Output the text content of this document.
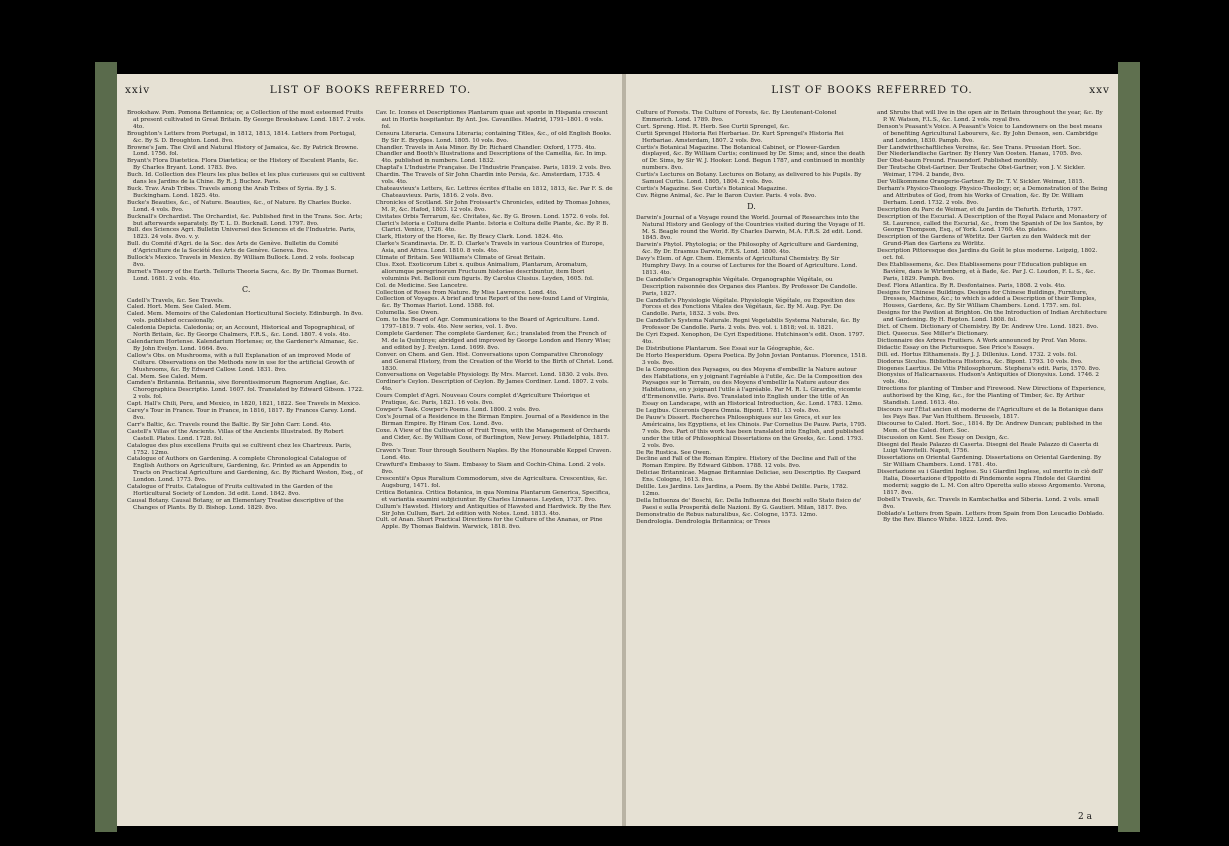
xxiv	LIST OF BOOKS REFERRED TO.

Brookshaw. Pom. Pomona Britannica; or, a Collection of the most esteemed Fruits at present cultivated in Great Britain. By George Brookshaw. Lond. 1817. 2 vols. 4to.

Broughton's Letters from Portugal, in 1812, 1813, 1814. Letters from Portugal, &c. By S. D. Broughton. Lond. 8vo.

Browne's Jam. The Civil and Natural History of Jamaica, &c. By Patrick Browne. Lond. 1756. fol.

Bryant's Flora Diætetica. Flora Diætetica; or the History of Esculent Plants, &c. By Charles Bryant. Lond. 1783. 8vo.

Buch. Id. Collection des Fleurs les plus belles et les plus curieuses qui se cultivent dans les Jardins de la Chine. By R. J. Buchoz. Paris.

Buck. Trav. Arab Tribes. Travels among the Arab Tribes of Syria. By J. S. Buckingham. Lond. 1825. 4to.

Bucke's Beauties, &c., of Nature. Beauties, &c., of Nature. By Charles Bucke. Lond. 4 vols. 8vo.

Bucknall's Orchardist. The Orchardist, &c. Published first in the Trans. Soc. Arts; but afterwards separately. By T. L. D. Bucknall. Lond. 1797. 8vo.

Bull. des Sciences Agri. Bulletin Universel des Sciences et de l'Industrie. Paris, 1823. 24 vols. 8vo. v. y.

Bull. du Comité d'Agri. de la Soc. des Arts de Genève. Bulletin du Comité d'Agriculture de la Société des Arts de Genève. Geneva. 8vo.

Bullock's Mexico. Travels in Mexico. By William Bullock. Lond. 2 vols. foolscap 8vo.

Burnet's Theory of the Earth. Telluris Theoria Sacra, &c. By Dr. Thomas Burnet. Lond. 1681. 2 vols. 4to.

C.

Cadell's Travels, &c. See Travels.

Caled. Hort. Mem. See Caled. Mem.

Caled. Mem. Memoirs of the Caledonian Horticultural Society. Edinburgh. In 8vo. vols. published occasionally.

Caledonia Depicta. Caledonia; or, an Account, Historical and Topographical, of North Britain, &c. By George Chalmers, F.R.S., &c. Lond. 1807. 4 vols. 4to.

Calendarium Hortense. Kalendarium Hortense; or, the Gardener's Almanac, &c. By John Evelyn. Lond. 1664. 8vo.

Callow's Obs. on Mushrooms, with a full Explanation of an improved Mode of Culture. Observations on the Methods now in use for the artificial Growth of Mushrooms, &c. By Edward Callow. Lond. 1831. 8vo.

Cal. Mem. See Caled. Mem.

Camden's Britannia. Britannia, sive florentissimorum Regnorum Angliae, &c. Chorographica Descriptio. Lond. 1607. fol. Translated by Edward Gibson. 1722. 2 vols. fol.

Capt. Hall's Chili, Peru, and Mexico, in 1820, 1821, 1822. See Travels in Mexico.

Carey's Tour in France. Tour in France, in 1816, 1817. By Frances Carey. Lond. 8vo.

Carr's Baltic, &c. Travels round the Baltic. By Sir John Carr. Lond. 4to.

Castell's Villas of the Ancients. Villas of the Ancients Illustrated. By Robert Castell. Plates. Lond. 1728. fol.

Catalogue des plus excellens Fruits qui se cultivent chez les Chartreux. Paris, 1752. 12mo.

Catalogue of Authors on Gardening. A complete Chronological Catalogue of English Authors on Agriculture, Gardening, &c. Printed as an Appendix to Tracts on Practical Agriculture and Gardening, &c. By Richard Weston, Esq., of London. Lond. 1773. 8vo.

Catalogue of Fruits. Catalogue of Fruits cultivated in the Garden of the Horticultural Society of London. 3d edit. Lond. 1842. 8vo.

Causal Botany. Causal Botany, or an Elementary Treatise descriptive of the Changes of Plants. By D. Bishop. Lond. 1829. 8vo.

Cav. Ic. Icones et Descriptiones Plantarum quae aut sponte in Hispania crescunt aut in Hortis hospitantur. By Ant. Jos. Cavanilles. Madrid, 1791–1801. 6 vols. fol.

Censura Literaria. Censura Literaria; containing Titles, &c., of old English Books. By Sir E. Brydges. Lond. 1805. 10 vols. 8vo.

Chandler. Travels in Asia Minor. By Dr. Richard Chandler. Oxford, 1775. 4to.

Chandler and Booth's Illustrations and Descriptions of the Camellia, &c. In imp. 4to. published in numbers. Lond. 1832.

Chaptal's L'Industrie Française. De l'Industrie Française. Paris, 1819. 2 vols. 8vo.

Chardin. The Travels of Sir John Chardin into Persia, &c. Amsterdam, 1735. 4 vols. 4to.

Chateauvieux's Letters, &c. Lettres écrites d'Italie en 1812, 1813, &c. Par F. S. de Chateauvieux. Paris, 1816. 2 vols. 8vo.

Chronicles of Scotland. Sir John Froissart's Chronicles, edited by Thomas Johnes, M. P., &c. Hafod, 1803. 12 vols. 8vo.

Civitates Orbis Terrarum, &c. Civitates, &c. By G. Brown. Lond. 1572. 6 vols. fol.

Clarici's Istoria e Coltura delle Piante. Istoria e Coltura delle Piante, &c. By P. B. Clarici. Venice, 1726. 4to.

Clark, History of the Horse, &c. By Bracy Clark. Lond. 1824. 4to.

Clarke's Scandinavia. Dr. E. D. Clarke's Travels in various Countries of Europe, Asia, and Africa. Lond. 1810. 8 vols. 4to.

Climate of Britain. See Williams's Climate of Great Britain.

Clus. Exot. Exoticorum Libri x. quibus Animalium, Plantarum, Aromatum, aliorumque peregrinorum Fructuum historiae describuntur, item Ibori voluminis Pet. Bellonii cum figuris. By Carolus Clusius. Leyden, 1605. fol.

Col. de Medicine. See Lancetre.

Collection of Roses from Nature. By Miss Lawrence. Lond. 4to.

Collection of Voyages. A brief and true Report of the new-found Land of Virginia, &c. By Thomas Hariot. Lond. 1588. fol.

Columella. See Owen.

Com. to the Board of Agr. Communications to the Board of Agriculture. Lond. 1797–1819. 7 vols. 4to. New series, vol. 1. 8vo.

Complete Gardener. The complete Gardener, &c.; translated from the French of M. de la Quintinye; abridged and improved by George London and Henry Wise; and edited by J. Evelyn. Lond. 1699. 8vo.

Conver. on Chem. and Gen. Hist. Conversations upon Comparative Chronology and General History, from the Creation of the World to the Birth of Christ. Lond. 1830.

Conversations on Vegetable Physiology. By Mrs. Marcet. Lond. 1830. 2 vols. 8vo.

Cordiner's Ceylon. Description of Ceylon. By James Cordiner. Lond. 1807. 2 vols. 4to.

Cours Complet d'Agri. Nouveau Cours complet d'Agriculture Théorique et Pratique, &c. Paris, 1821. 16 vols. 8vo.

Cowper's Task. Cowper's Poems. Lond. 1800. 2 vols. 8vo.

Cox's Journal of a Residence in the Birman Empire. Journal of a Residence in the Birman Empire. By Hiram Cox. Lond. 8vo.

Coxe. A View of the Cultivation of Fruit Trees, with the Management of Orchards and Cider, &c. By William Coxe, of Burlington, New Jersey. Philadelphia, 1817. 8vo.

Craven's Tour. Tour through Southern Naples. By the Honourable Keppel Craven. Lond. 4to.

Crawfurd's Embassy to Siam. Embassy to Siam and Cochin-China. Lond. 2 vols. 8vo.

Crescentii's Opus Ruralium Commodorum, sive de Agricultura. Crescentius, &c. Augsburg, 1471. fol.

Critica Botanica. Critica Botanica, in qua Nomina Plantarum Generica, Specifica, et variantia examini subjiciuntur. By Charles Linnaeus. Leyden, 1737. 8vo.

Cullum's Hawsted. History and Antiquities of Hawsted and Hardwick. By the Rev. Sir John Cullum, Bart. 2d edition with Notes. Lond. 1813. 4to.

Cult. of Anan. Short Practical Directions for the Culture of the Ananas, or Pine Apple. By Thomas Baldwin. Warwick, 1818. 8vo.

LIST OF BOOKS REFERRED TO.	xxv

Culture of Forests. The Culture of Forests, &c. By Lieutenant-Colonel Emmerich. Lond. 1789. 8vo.

Curt. Spreng. Hist. R. Herb. See Curtii Sprengel, &c.

Curtii Sprengel Historia Rei Herbariae. Dr. Kurt Sprengel's Historia Rei Herbariae. Amsterdam, 1807. 2 vols. 8vo.

Curtis's Botanical Magazine. The Botanical Cabinet, or Flower-Garden displayed, &c. By William Curtis; continued by Dr. Sims; and, since the death of Dr. Sims, by Sir W. J. Hooker. Lond. Begun 1787, and continued in monthly numbers. 8vo.

Curtis's Lectures on Botany. Lectures on Botany, as delivered to his Pupils. By Samuel Curtis. Lond. 1805, 1804. 2 vols. 8vo.

Curtis's Magazine. See Curtis's Botanical Magazine.

Cuv. Règne Animal, &c. Par le Baron Cuvier. Paris. 4 vols. 8vo.

D.

Darwin's Journal of a Voyage round the World. Journal of Researches into the Natural History and Geology of the Countries visited during the Voyage of H. M. S. Beagle round the World. By Charles Darwin, M.A. F.R.S. 2d edit. Lond. 1845. 8vo.

Darwin's Phytol. Phytologia; or the Philosophy of Agriculture and Gardening, &c. By Dr. Erasmus Darwin, F.R.S. Lond. 1800. 4to.

Davy's Elem. of Agr. Chem. Elements of Agricultural Chemistry. By Sir Humphry Davy. In a course of Lectures for the Board of Agriculture. Lond. 1813. 4to.

De Candolle's Organographie Végétale. Organographie Végétale, ou Description raisonnée des Organes des Plantes. By Professor De Candolle. Paris, 1827.

De Candolle's Physiologie Végétale. Physiologie Végétale, ou Exposition des Forces et des Fonctions Vitales des Végétaux, &c. By M. Aug. Pyr. De Candolle. Paris, 1832. 3 vols. 8vo.

De Candolle's Systema Naturale. Regni Vegetabilis Systema Naturale, &c. By Professor De Candolle. Paris. 2 vols. 8vo. vol. i. 1818; vol. ii. 1821.

De Cyri Exped. Xenophon, De Cyri Expeditione. Hutchinson's edit. Oxon. 1797. 4to.

De Distributione Plantarum. See Essai sur la Géographie, &c.

De Horto Hesperidum. Opera Poetica. By John Jovian Pontanus. Florence, 1518. 3 vols. 8vo.

De la Composition des Paysages, ou des Moyens d'embellir la Nature autour des Habitations, en y joignant l'agréable à l'utile, &c. De la Composition des Paysages sur le Terrain, ou des Moyens d'embellir la Nature autour des Habitations, en y joignant l'utile à l'agréable. Par M. R. L. Girardin, vicomte d'Ermenonville. Paris. 8vo. Translated into English under the title of An Essay on Landscape, with an Historical Introduction, &c. Lond. 1783. 12mo.

De Legibus. Ciceronis Opera Omnia. Bipont. 1781. 13 vols. 8vo.

De Pauw's Dissert. Recherches Philosophiques sur les Grecs, et sur les Américains, les Egyptiens, et les Chinois. Par Cornelius De Pauw. Paris, 1795. 7 vols. 8vo. Part of this work has been translated into English, and published under the title of Philosophical Dissertations on the Greeks, &c. Lond. 1793. 2 vols. 8vo.

De Re Rustica. See Owen.

Decline and Fall of the Roman Empire. History of the Decline and Fall of the Roman Empire. By Edward Gibbon. 1788. 12 vols. 8vo.

Deliciae Britannicae. Magnae Britanniae Deliciae, seu Descriptio. By Caspard Ens. Cologne, 1613. 8vo.

Delille. Les Jardins. Les Jardins, a Poem. By the Abbé Delille. Paris, 1782. 12mo.

Della Influenza de' Boschi, &c. Della Influenza dei Boschi sullo Stato fisico de' Paesi e sulla Prosperità delle Nazioni. By G. Gautieri. Milan, 1817. 8vo.

Demonstratio de Rebus naturalibus, &c. Cologne, 1573. 12mo.

Dendrologia. Dendrologia Britannica; or Trees

and Shrubs that will live in the open air in Britain throughout the year, &c. By P. W. Watson, F.L.S., &c. Lond. 2 vols. royal 8vo.

Denson's Peasant's Voice. A Peasant's Voice to Landowners on the best means of benefiting Agricultural Labourers, &c. By John Denson, sen. Cambridge and London, 1830. Pamph. 8vo.

Der Landwirthschaftliches Vereins, &c. See Trans. Prussian Hort. Soc.

Der Niederlandische Gartner. By Henry Van Oosten. Hanau, 1705. 8vo.

Der Obst-baum Freund. Frauendorf. Published monthly.

Der Teutsche Obst-Gartner. Der Teutsche Obst-Gartner, von J. V. Sickler. Weimar, 1794. 2 bande, 8vo.

Der Vollkommene Orangerie-Gartner. By Dr. T. V. Sickler. Weimar, 1815.

Derham's Physico-Theology. Physico-Theology; or, a Demonstration of the Being and Attributes of God, from his Works of Creation, &c. By Dr. William Derham. Lond. 1732. 2 vols. 8vo.

Description du Parc de Weimar, et du Jardin de Tiefurth. Erfurth, 1797.

Description of the Escurial. A Description of the Royal Palace and Monastery of St. Laurence, called the Escurial, &c., from the Spanish of De los Santos, by George Thompson, Esq., of York. Lond. 1760. 4to. plates.

Description of the Gardens of Wörlitz. Der Garten zu den Waldeck mit der Grund-Plan des Gartens zu Wörlitz.

Description Pittoresque des Jardins du Goût le plus moderne. Leipzig, 1802. oct. fol.

Des Etablissemens, &c. Des Etablissemens pour l'Education publique en Bavière, dans le Wirtemberg, et à Bade, &c. Par J. C. Loudon, F. L. S., &c. Paris, 1829. Pamph. 8vo.

Desf. Flora Atlantica. By R. Desfontaines. Paris, 1808. 2 vols. 4to.

Designs for Chinese Buildings. Designs for Chinese Buildings, Furniture, Dresses, Machines, &c.; to which is added a Description of their Temples, Houses, Gardens, &c. By Sir William Chambers. Lond. 1757. sm. fol.

Designs for the Pavilion at Brighton. On the Introduction of Indian Architecture and Gardening. By H. Repton. Lond. 1808. fol.

Dict. of Chem. Dictionary of Chemistry. By Dr. Andrew Ure. Lond. 1821. 8vo.

Dict. Queecus. See Miller's Dictionary.

Dictionnaire des Arbres Fruitiers. A Work announced by Prof. Van Mons.

Didactic Essay on the Picturesque. See Price's Essays.

Dill. ed. Hortus Elthamensis. By J. J. Dillenius. Lond. 1732. 2 vols. fol.

Diodorus Siculus. Bibliotheca Historica, &c. Bipont. 1793. 10 vols. 8vo.

Diogenes Laertius. De Vitis Philosophorum. Stephens's edit. Paris, 1570. 8vo.

Dionysius of Halicarnassus. Hudson's Antiquities of Dionysius. Lond. 1746. 2 vols. 4to.

Directions for planting of Timber and Firewood. New Directions of Experience, authorised by the King, &c., for the Planting of Timber, &c. By Arthur Standish. Lond. 1613. 4to.

Discours sur l'État ancien et moderne de l'Agriculture et de la Botanique dans les Pays Bas. Par Van Hulthem. Brussels, 1817.

Discourse to Caled. Hort. Soc., 1814. By Dr. Andrew Duncan; published in the Mem. of the Caled. Hort. Soc.

Discussion on Kent. See Essay on Design, &c.

Disegni del Reale Palazzo di Caserta. Disegni del Reale Palazzo di Caserta di Luigi Vanvitelli. Napoli, 1756.

Dissertations on Oriental Gardening. Dissertations on Oriental Gardening. By Sir William Chambers. Lond. 1781. 4to.

Dissertazione su i Giardini Inglese. Su i Giardini Inglese, sul merito in ciò dell' Italia, Dissertazione d'Ippolito di Pindemonte sopra l'Indole dei Giardini moderni; saggio de L. M. Con altro Operetta sullo stesso Argomento. Verona, 1817. 8vo.

Dobell's Travels, &c. Travels in Kamtschatka and Siberia. Lond. 2 vols. small 8vo.

Doblado's Letters from Spain. Letters from Spain from Don Leucadio Doblado. By the Rev. Blanco White. 1822. Lond. 8vo.

2 a
